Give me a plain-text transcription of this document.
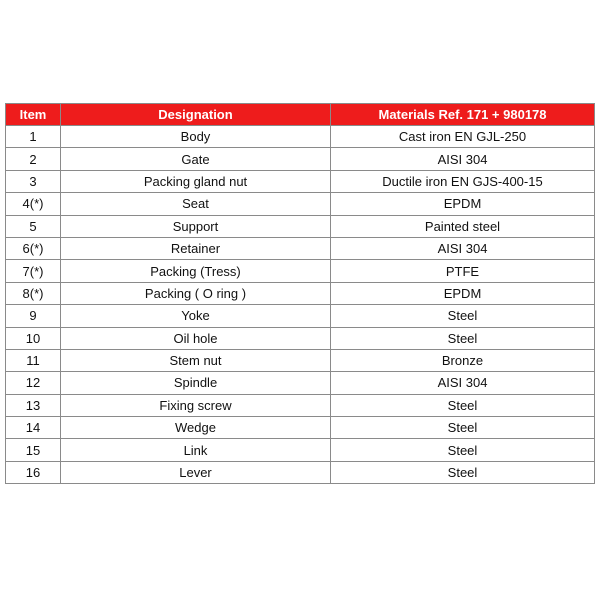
Item	Designation	Materials Ref. 171 + 980178
1	Body	Cast iron EN GJL-250
2	Gate	AISI 304
3	Packing gland nut	Ductile iron EN GJS-400-15
4(*)	Seat	EPDM
5	Support	Painted steel
6(*)	Retainer	AISI 304
7(*)	Packing (Tress)	PTFE
8(*)	Packing ( O ring )	EPDM
9	Yoke	Steel
10	Oil hole	Steel
11	Stem nut	Bronze
12	Spindle	AISI 304
13	Fixing screw	Steel
14	Wedge	Steel
15	Link	Steel
16	Lever	Steel
